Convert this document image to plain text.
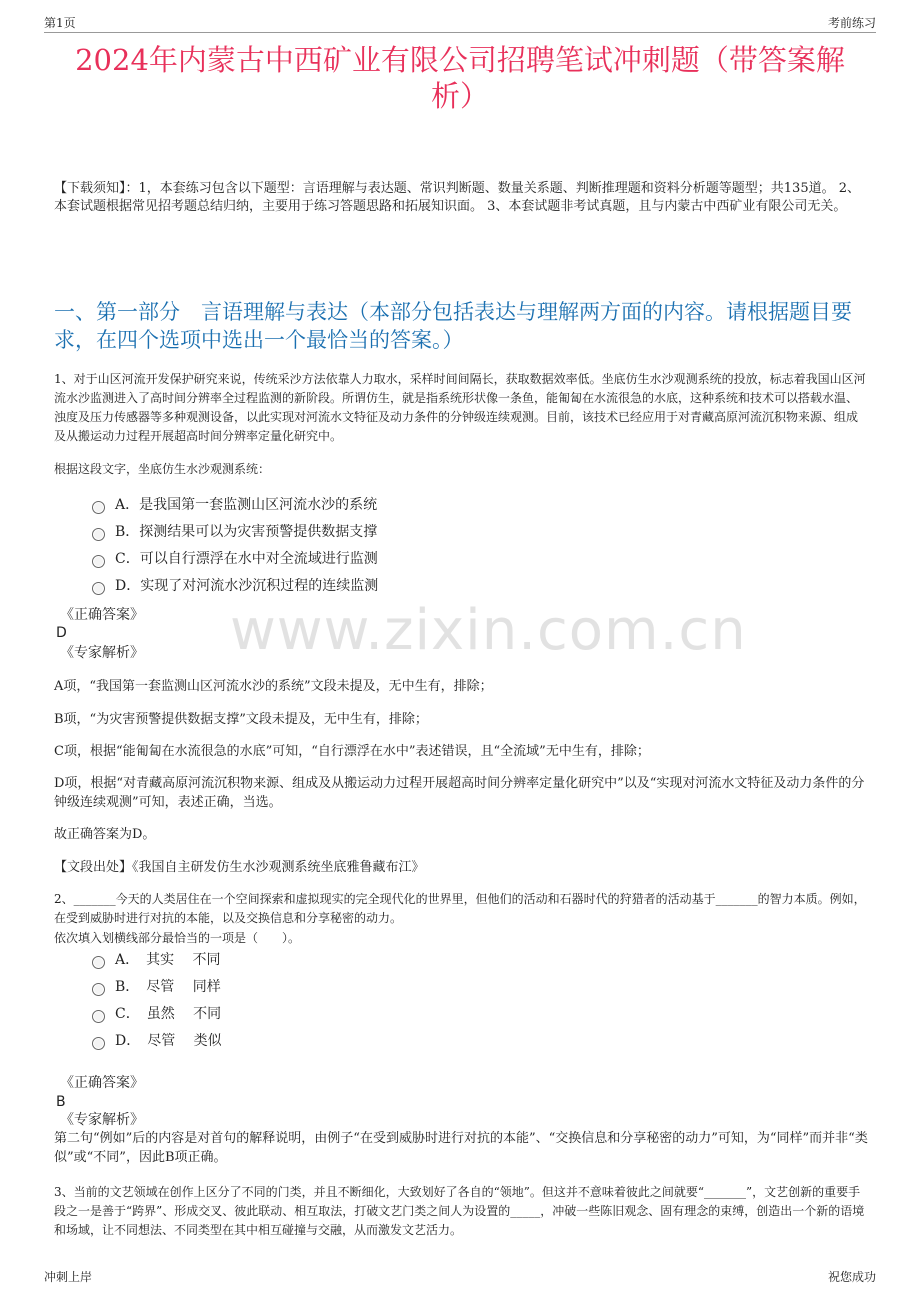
第1页	考前练习
2024年内蒙古中西矿业有限公司招聘笔试冲刺题（带答案解析）
【下载须知】：1，本套练习包含以下题型：言语理解与表达题、常识判断题、数量关系题、判断推理题和资料分析题等题型；共135道。 2、本套试题根据常见招考题总结归纳，主要用于练习答题思路和拓展知识面。 3、本套试题非考试真题，且与内蒙古中西矿业有限公司无关。
一、第一部分　言语理解与表达（本部分包括表达与理解两方面的内容。请根据题目要求，在四个选项中选出一个最恰当的答案。）
1、对于山区河流开发保护研究来说，传统采沙方法依靠人力取水，采样时间间隔长，获取数据效率低。坐底仿生水沙观测系统的投放，标志着我国山区河流水沙监测进入了高时间分辨率全过程监测的新阶段。所谓仿生，就是指系统形状像一条鱼，能匍匐在水流很急的水底，这种系统和技术可以搭载水温、浊度及压力传感器等多种观测设备，以此实现对河流水文特征及动力条件的分钟级连续观测。目前，该技术已经应用于对青藏高原河流沉积物来源、组成及从搬运动力过程开展超高时间分辨率定量化研究中。
根据这段文字，坐底仿生水沙观测系统：
A．是我国第一套监测山区河流水沙的系统
B．探测结果可以为灾害预警提供数据支撑
C．可以自行漂浮在水中对全流域进行监测
D．实现了对河流水沙沉积过程的连续监测
www.zixin.com.cn
《正确答案》
D
《专家解析》
A项，“我国第一套监测山区河流水沙的系统”文段未提及，无中生有，排除；
B项，“为灾害预警提供数据支撑”文段未提及，无中生有，排除；
C项，根据“能匍匐在水流很急的水底”可知，“自行漂浮在水中”表述错误，且“全流域”无中生有，排除；
D项，根据“对青藏高原河流沉积物来源、组成及从搬运动力过程开展超高时间分辨率定量化研究中”以及“实现对河流水文特征及动力条件的分钟级连续观测”可知，表述正确，当选。
故正确答案为D。
【文段出处】《我国自主研发仿生水沙观测系统坐底雅鲁藏布江》
2、_______今天的人类居住在一个空间探索和虚拟现实的完全现代化的世界里，但他们的活动和石器时代的狩猎者的活动基于_______的智力本质。例如，在受到威胁时进行对抗的本能，以及交换信息和分享秘密的动力。
依次填入划横线部分最恰当的一项是（　　）。
A．　其实　 不同
B．　尽管　 同样
C．　虽然　 不同
D．　尽管　 类似
《正确答案》
B
《专家解析》
第二句“例如”后的内容是对首句的解释说明，由例子“在受到威胁时进行对抗的本能”、“交换信息和分享秘密的动力”可知，为“同样”而并非“类似”或“不同”，因此B项正确。
3、当前的文艺领域在创作上区分了不同的门类，并且不断细化，大致划好了各自的“领地”。但这并不意味着彼此之间就要“_______”，文艺创新的重要手段之一是善于“跨界”、形成交叉、彼此联动、相互取法，打破文艺门类之间人为设置的_____，冲破一些陈旧观念、固有理念的束缚，创造出一个新的语境和场域，让不同想法、不同类型在其中相互碰撞与交融，从而激发文艺活力。
冲刺上岸	祝您成功
